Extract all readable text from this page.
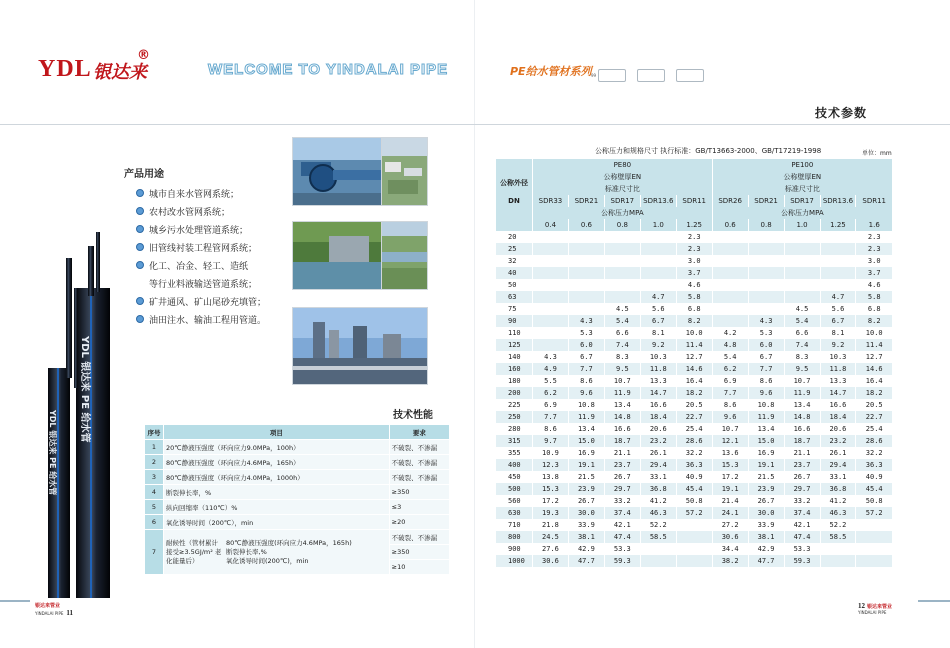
YDL 银达来
®
WELCOME TO YINDALAI PIPE	PE给水管材系列 99
技术参数
产品用途
城市自来水管网系统；
农村改水管网系统；
城乡污水处理管道系统；
旧管线衬装工程管网系统；
化工、冶金、轻工、造纸
等行业料液输送管道系统；
矿井通风、矿山尾砂充填管；
油田注水、输油工程用管道。
YDL 银达来 PE 给水管
YDL 银达来 PE 给水管	技术性能
序号	项目	要求
1	20℃静液压强度（环向应力9.0MPa，100h）	不破裂、不渗漏
2	80℃静液压强度（环向应力4.6MPa，165h）	不破裂、不渗漏
3	80℃静液压强度（环向应力4.0MPa，1000h）	不破裂、不渗漏
4	断裂伸长率，%	≥350
5	纵向回缩率（110℃）%	≤3
6	氧化诱导时间（200℃），min	≥20
7	耐候性（管材累计接受≥3.5GJ/m² 老化能量后）
80℃静液压强度(环向应力4.6MPa，165h)
断裂伸长率,%
氧化诱导时间(200℃)，min	不破裂、不渗漏
		≥350
		≥10
公称压力和规格尺寸 执行标准：GB/T13663-2000、GB/T17219-1998	单位：mm
	PE80					PE100				
公称外径	公称壁厚EN					公称壁厚EN				
	标准尺寸比					标准尺寸比				
DN	SDR33	SDR21	SDR17	SDR13.6	SDR11	SDR26	SDR21	SDR17	SDR13.6	SDR11
	公称压力MPA					公称压力MPA				
	0.4	0.6	0.8	1.0	1.25	0.6	0.8	1.0	1.25	1.6
20					2.3					2.3
25					2.3					2.3
32					3.0					3.0
40					3.7					3.7
50					4.6					4.6
63				4.7	5.8				4.7	5.8
75			4.5	5.6	6.8			4.5	5.6	6.8
90		4.3	5.4	6.7	8.2		4.3	5.4	6.7	8.2
110		5.3	6.6	8.1	10.0	4.2	5.3	6.6	8.1	10.0
125		6.0	7.4	9.2	11.4	4.8	6.0	7.4	9.2	11.4
140	4.3	6.7	8.3	10.3	12.7	5.4	6.7	8.3	10.3	12.7
160	4.9	7.7	9.5	11.8	14.6	6.2	7.7	9.5	11.8	14.6
180	5.5	8.6	10.7	13.3	16.4	6.9	8.6	10.7	13.3	16.4
200	6.2	9.6	11.9	14.7	18.2	7.7	9.6	11.9	14.7	18.2
225	6.9	10.8	13.4	16.6	20.5	8.6	10.8	13.4	16.6	20.5
250	7.7	11.9	14.8	18.4	22.7	9.6	11.9	14.8	18.4	22.7
280	8.6	13.4	16.6	20.6	25.4	10.7	13.4	16.6	20.6	25.4
315	9.7	15.0	18.7	23.2	28.6	12.1	15.0	18.7	23.2	28.6
355	10.9	16.9	21.1	26.1	32.2	13.6	16.9	21.1	26.1	32.2
400	12.3	19.1	23.7	29.4	36.3	15.3	19.1	23.7	29.4	36.3
450	13.8	21.5	26.7	33.1	40.9	17.2	21.5	26.7	33.1	40.9
500	15.3	23.9	29.7	36.8	45.4	19.1	23.9	29.7	36.8	45.4
560	17.2	26.7	33.2	41.2	50.8	21.4	26.7	33.2	41.2	50.8
630	19.3	30.0	37.4	46.3	57.2	24.1	30.0	37.4	46.3	57.2
710	21.8	33.9	42.1	52.2		27.2	33.9	42.1	52.2	
800	24.5	38.1	47.4	58.5		30.6	38.1	47.4	58.5	
900	27.6	42.9	53.3			34.4	42.9	53.3		
1000	30.6	47.7	59.3			38.2	47.7	59.3		
银达来管业
YINDALAI PIPE 11
12 银达来管业
YINDALAI PIPE
